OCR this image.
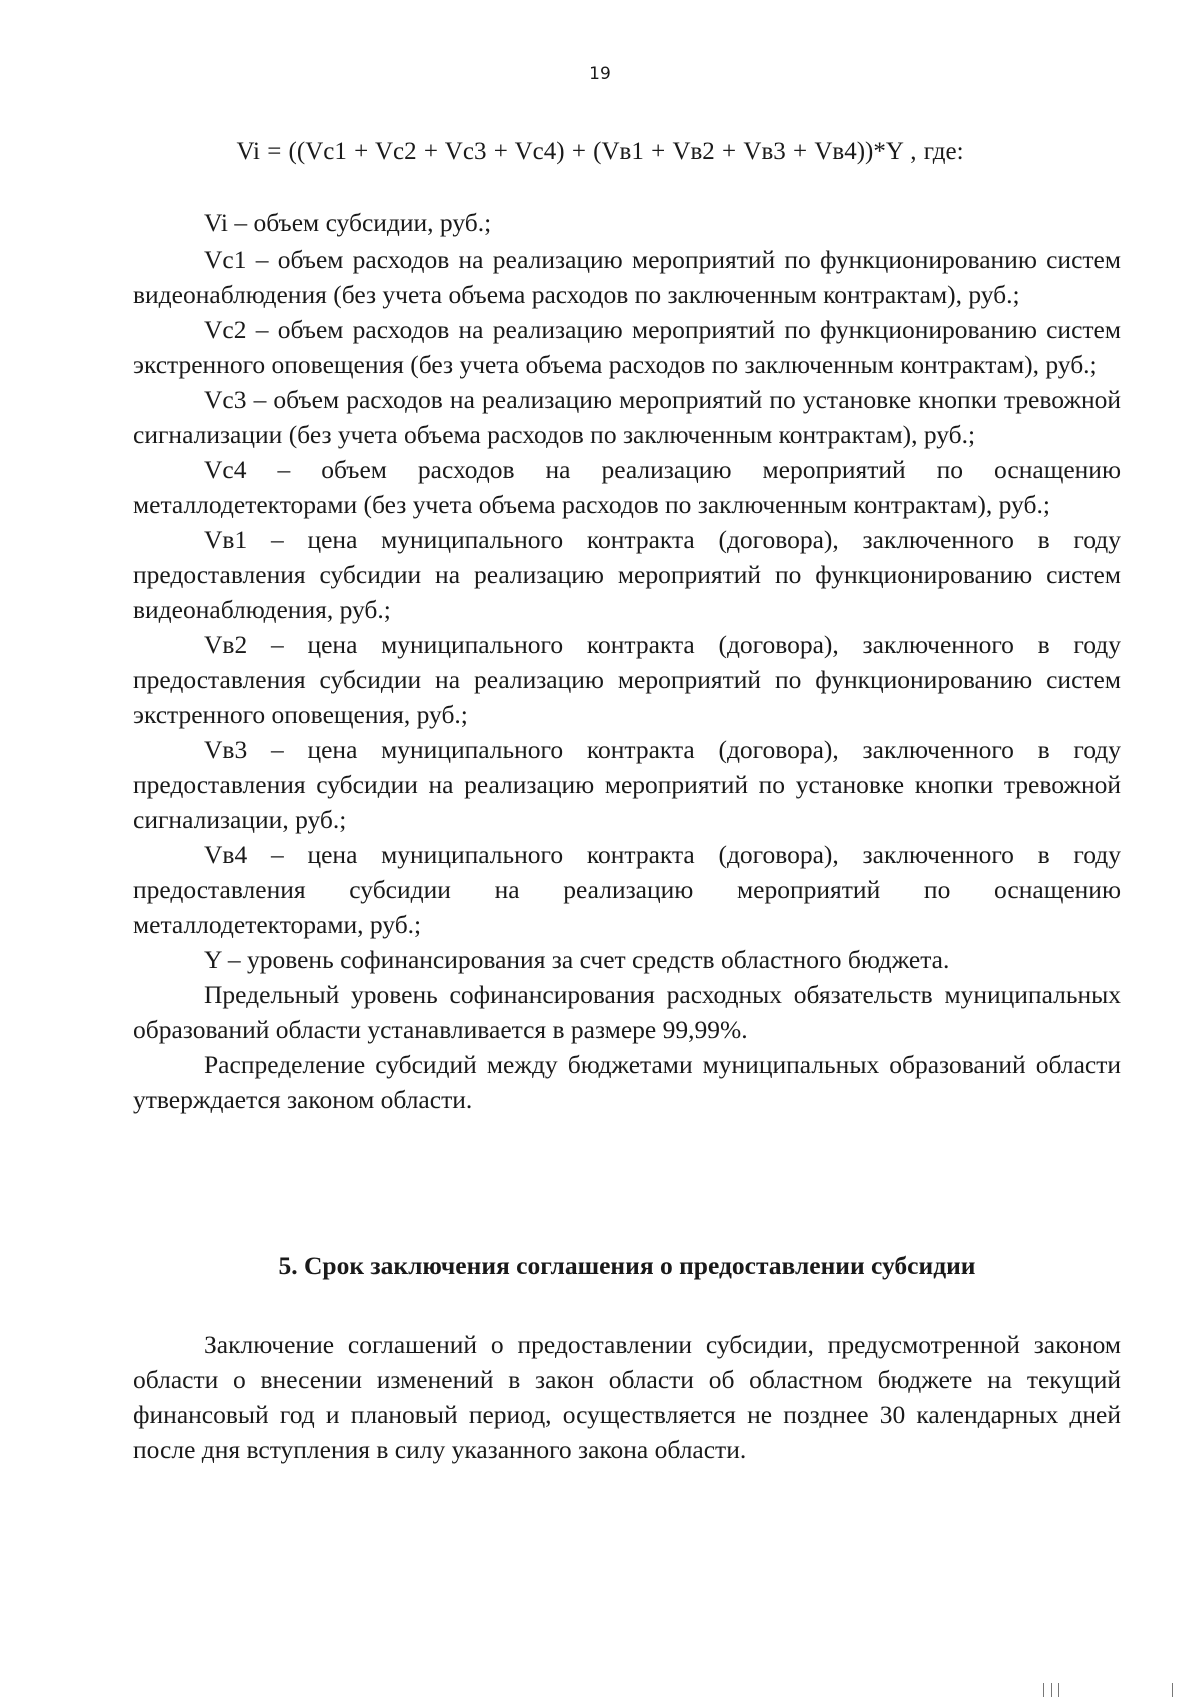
19
Vi = ((Vc1 + Vc2 + Vc3 + Vc4) + (Vв1 + Vв2 + Vв3 + Vв4))*Y , где:

Vi – объем субсидии, руб.;

Vc1 – объем расходов на реализацию мероприятий по функционированию систем видеонаблюдения (без учета объема расходов по заключенным контрактам), руб.;

Vc2 – объем расходов на реализацию мероприятий по функционированию систем экстренного оповещения (без учета объема расходов по заключенным контрактам), руб.;

Vc3 – объем расходов на реализацию мероприятий по установке кнопки тревожной сигнализации (без учета объема расходов по заключенным контрактам), руб.;

Vc4 – объем расходов на реализацию мероприятий по оснащению металлодетекторами (без учета объема расходов по заключенным контрактам), руб.;

Vв1 – цена муниципального контракта (договора), заключенного в году предоставления субсидии на реализацию мероприятий по функционированию систем видеонаблюдения, руб.;

Vв2 – цена муниципального контракта (договора), заключенного в году предоставления субсидии на реализацию мероприятий по функционированию систем экстренного оповещения, руб.;

Vв3 – цена муниципального контракта (договора), заключенного в году предоставления субсидии на реализацию мероприятий по установке кнопки тревожной сигнализации, руб.;

Vв4 – цена муниципального контракта (договора), заключенного в году предоставления субсидии на реализацию мероприятий по оснащению металлодетекторами, руб.;

Y – уровень софинансирования за счет средств областного бюджета.

Предельный уровень софинансирования расходных обязательств муниципальных образований области устанавливается в размере 99,99%.

Распределение субсидий между бюджетами муниципальных образований области утверждается законом области.

5. Срок заключения соглашения о предоставлении субсидии

Заключение соглашений о предоставлении субсидии, предусмотренной законом области о внесении изменений в закон области об областном бюджете на текущий финансовый год и плановый период, осуществляется не позднее 30 календарных дней после дня вступления в силу указанного закона области.
